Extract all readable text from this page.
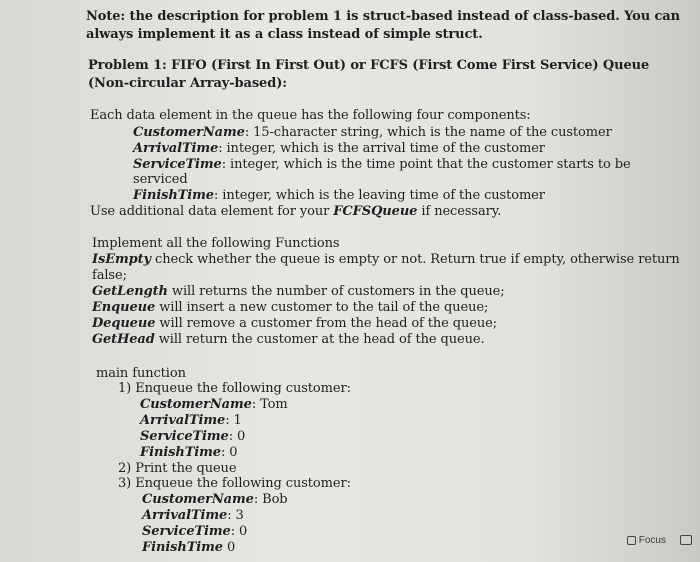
Note: the description for problem 1 is struct-based instead of class-based. You can
always implement it as a class instead of simple struct.
Problem 1: FIFO (First In First Out) or FCFS (First Come First Service) Queue
(Non-circular Array-based):
Each data element in the queue has the following four components:
CustomerName: 15-character string, which is the name of the customer
ArrivalTime: integer, which is the arrival time of the customer
ServiceTime: integer, which is the time point that the customer starts to be
serviced
FinishTime: integer, which is the leaving time of the customer
Use additional data element for your FCFSQueue if necessary.
Implement all the following Functions
IsEmpty check whether the queue is empty or not. Return true if empty, otherwise return
false;
GetLength will returns the number of customers in the queue;
Enqueue will insert a new customer to the tail of the queue;
Dequeue will remove a customer from the head of the queue;
GetHead will return the customer at the head of the queue.
main function
1) Enqueue the following customer:
CustomerName: Tom
ArrivalTime: 1
ServiceTime: 0
FinishTime: 0
2) Print the queue
3) Enqueue the following customer:
CustomerName: Bob
ArrivalTime: 3
ServiceTime: 0
FinishTime 0	Focus
